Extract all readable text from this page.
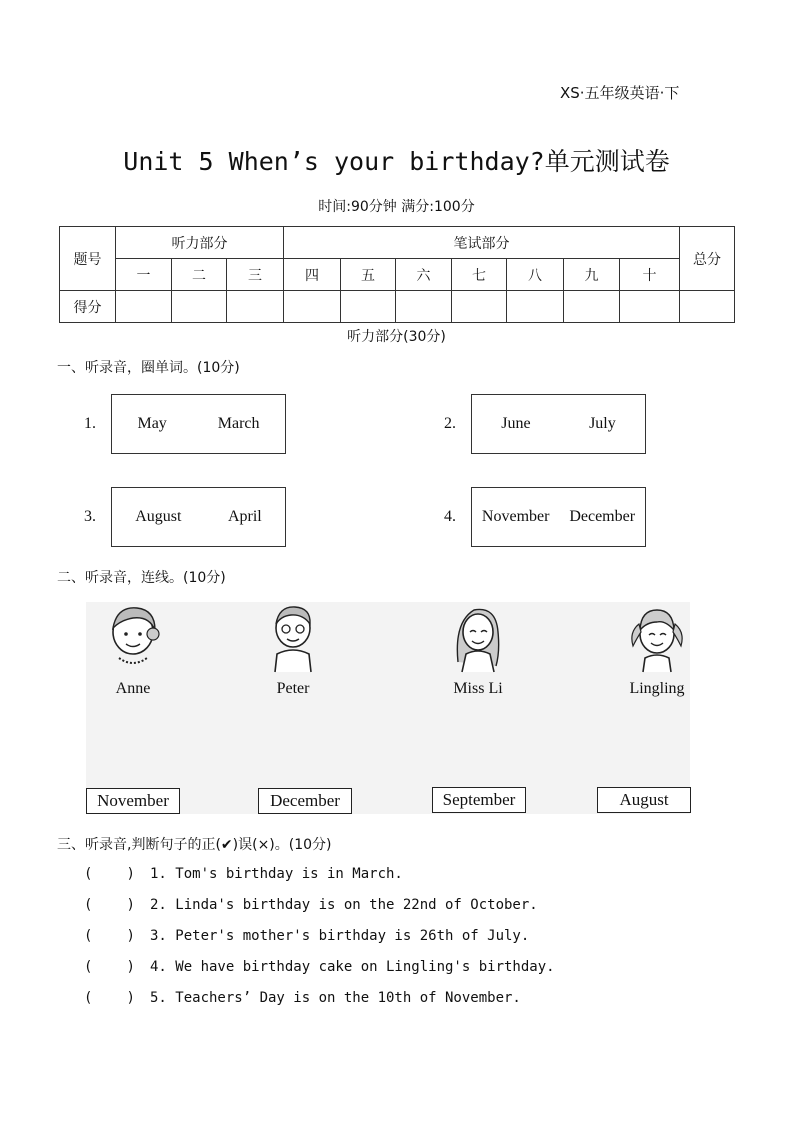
XS·五年级英语·下
Unit 5 When’s your birthday?单元测试卷
时间:90分钟 满分:100分
题号	听力部分			笔试部分							总分
	一	二	三	四	五	六	七	八	九	十	
得分											
听力部分(30分)
一、听录音，圈单词。(10分)
1.	May	March	2.	June	July
3. August	April	4. November December
二、听录音，连线。(10分)
Anne	Peter	Miss Li	Lingling
November	December	September	August
三、听录音,判断句子的正(✔)误(×)。(10分)
( ) 1. Tom's birthday is in March.
( ) 2. Linda's birthday is on the 22nd of October.
( ) 3. Peter's mother's birthday is 26th of July.
( ) 4. We have birthday cake on Lingling's birthday.
( ) 5. Teachers’ Day is on the 10th of November.
